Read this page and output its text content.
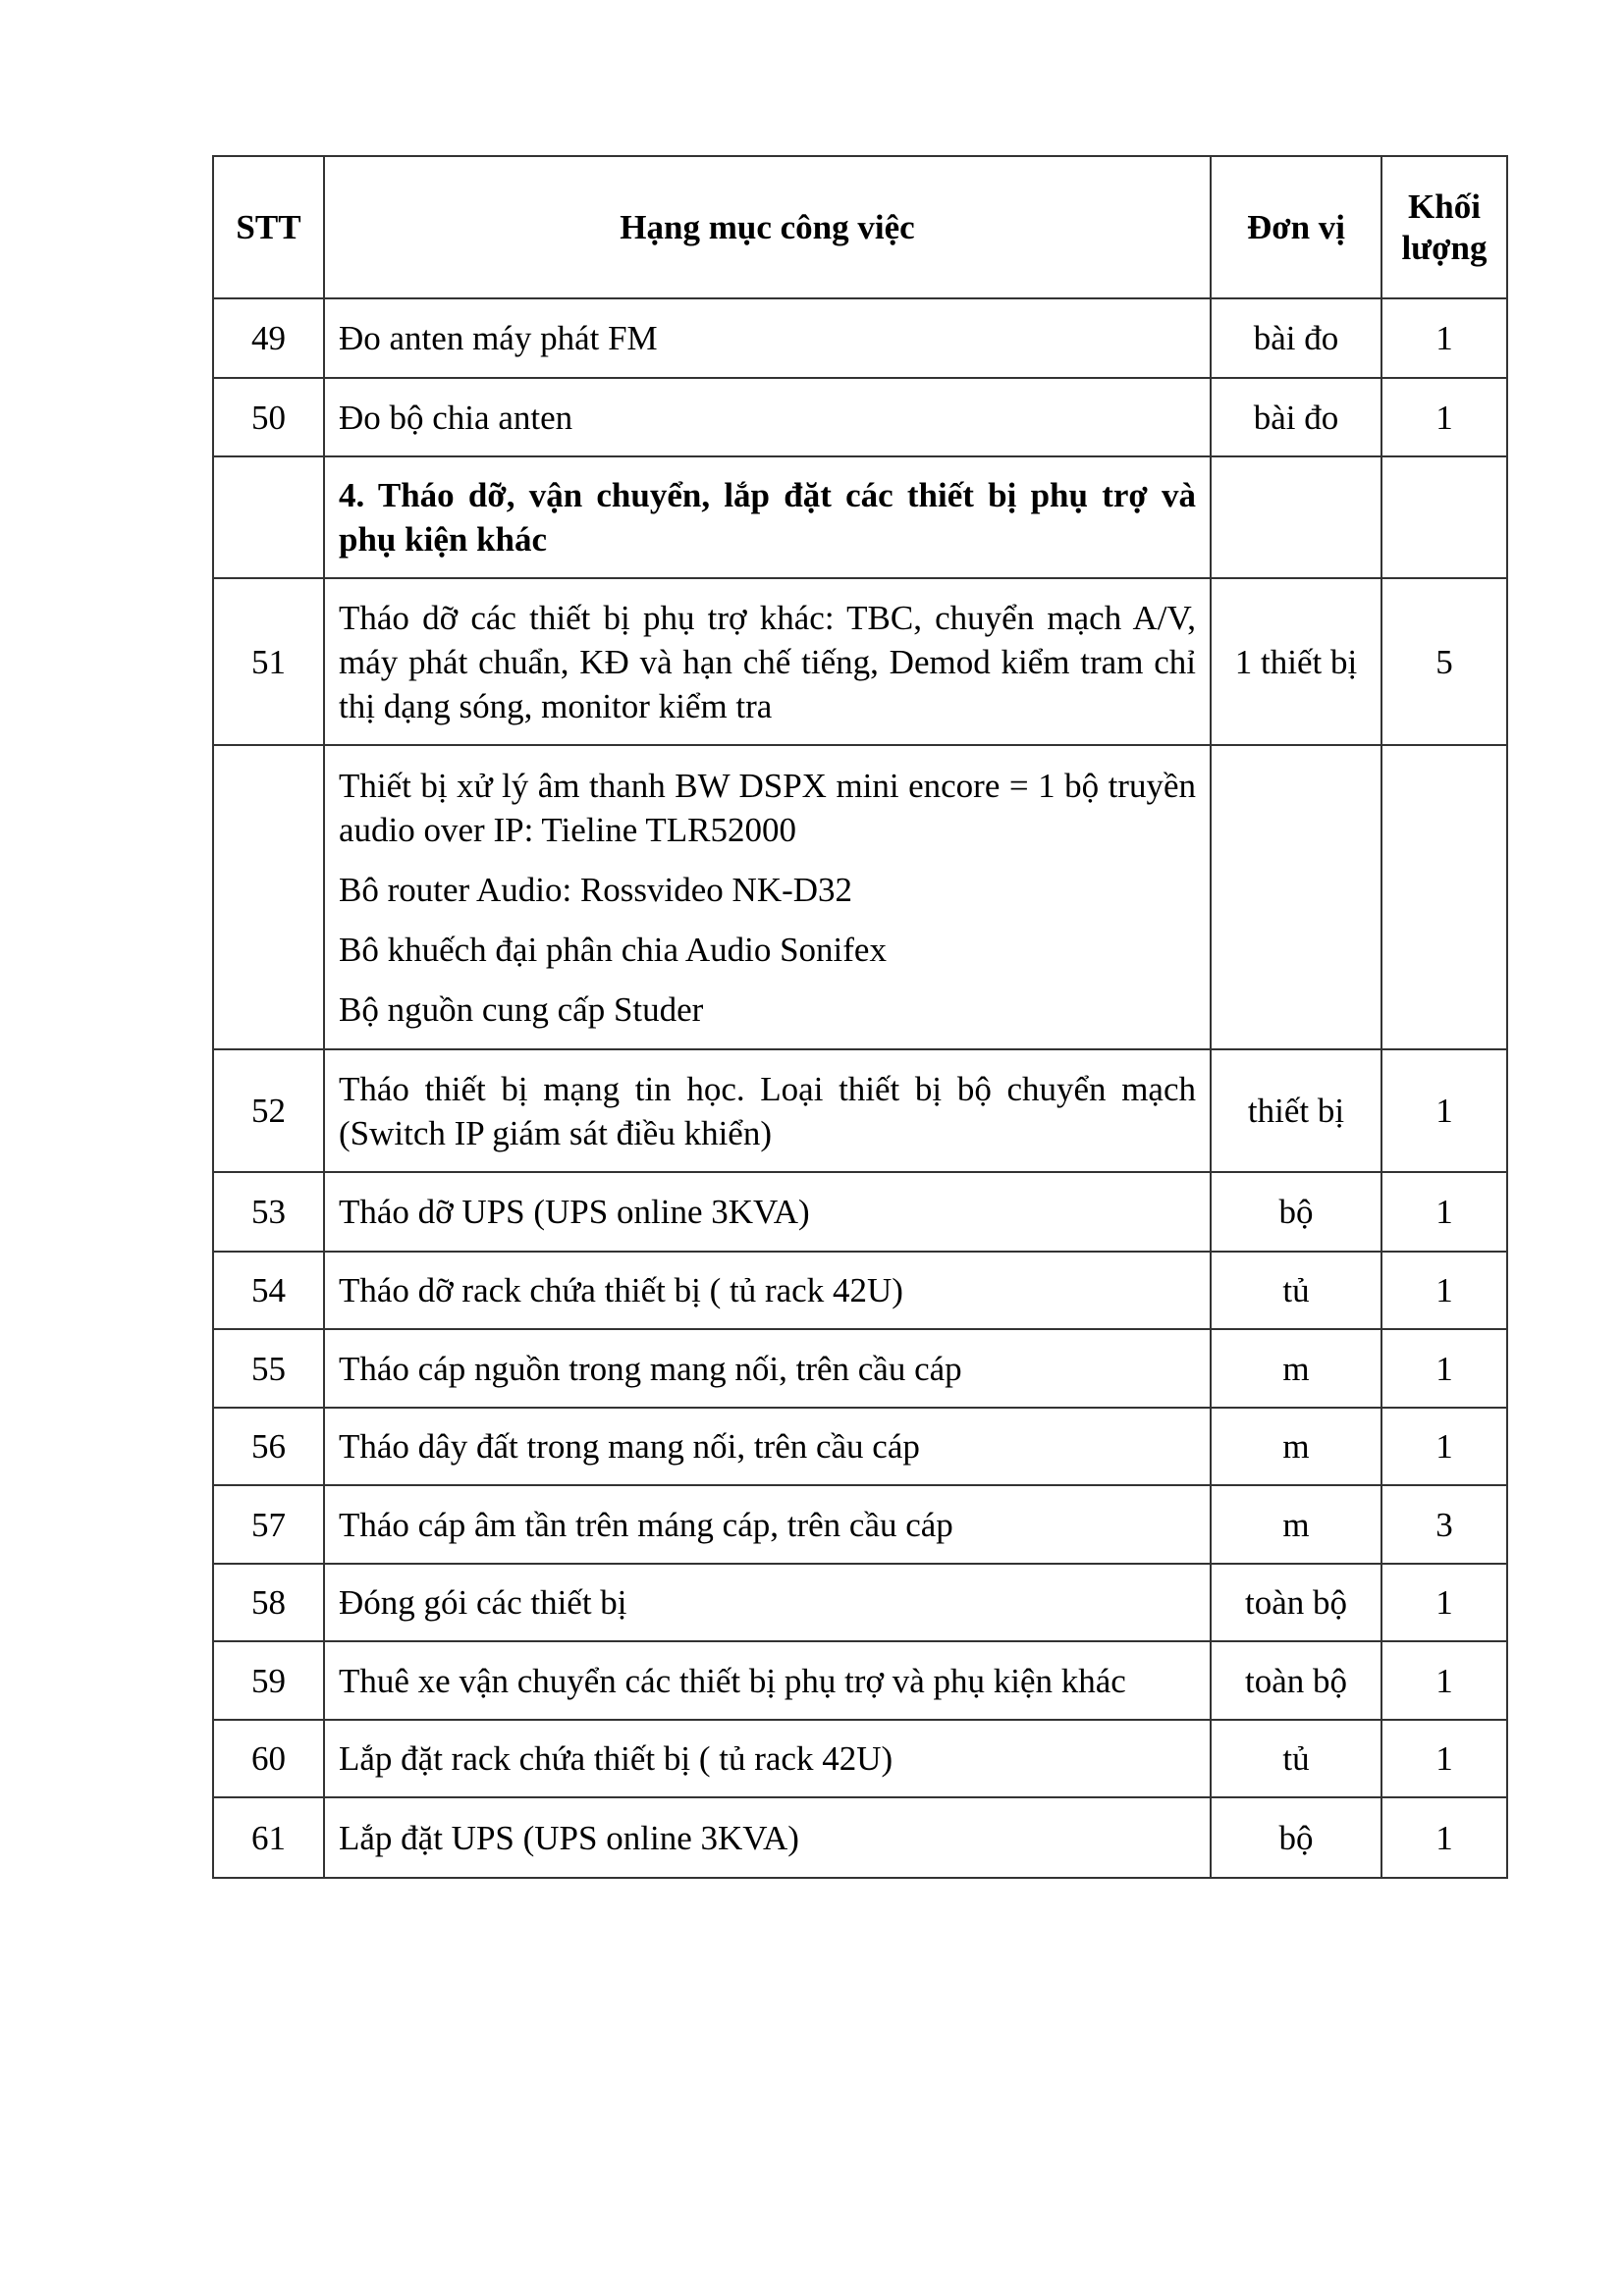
STT	Hạng mục công việc	Đơn vị	Khối
lượng
49	Đo anten máy phát FM	bài đo	1
50	Đo bộ chia anten	bài đo	1
	4. Tháo dỡ, vận chuyển, lắp đặt các thiết bị phụ trợ và phụ kiện khác		
51	Tháo dỡ các thiết bị phụ trợ khác: TBC, chuyển mạch A/V, máy phát chuẩn, KĐ và hạn chế tiếng, Demod kiểm tram chỉ thị dạng sóng, monitor kiểm tra	1 thiết bị	5

	Thiết bị xử lý âm thanh BW DSPX mini encore = 1 bộ truyền audio over IP: Tieline TLR52000

Bô router Audio: Rossvideo NK-D32

Bô khuếch đại phân chia Audio Sonifex

Bộ nguồn cung cấp Studer		

52	Tháo thiết bị mạng tin học. Loại thiết bị bộ chuyển mạch (Switch IP giám sát điều khiển)	thiết bị	1
53	Tháo dỡ UPS (UPS online 3KVA)	bộ	1
54	Tháo dỡ rack chứa thiết bị ( tủ rack 42U)	tủ	1
55	Tháo cáp nguồn trong mang nối, trên cầu cáp	m	1
56	Tháo dây đất trong mang nối, trên cầu cáp	m	1
57	Tháo cáp âm tần trên máng cáp, trên cầu cáp	m	3
58	Đóng gói các thiết bị	toàn bộ	1
59	Thuê xe vận chuyển các thiết bị phụ trợ và phụ kiện khác	toàn bộ	1
60	Lắp đặt rack chứa thiết bị ( tủ rack 42U)	tủ	1
61	Lắp đặt UPS (UPS online 3KVA)	bộ	1
